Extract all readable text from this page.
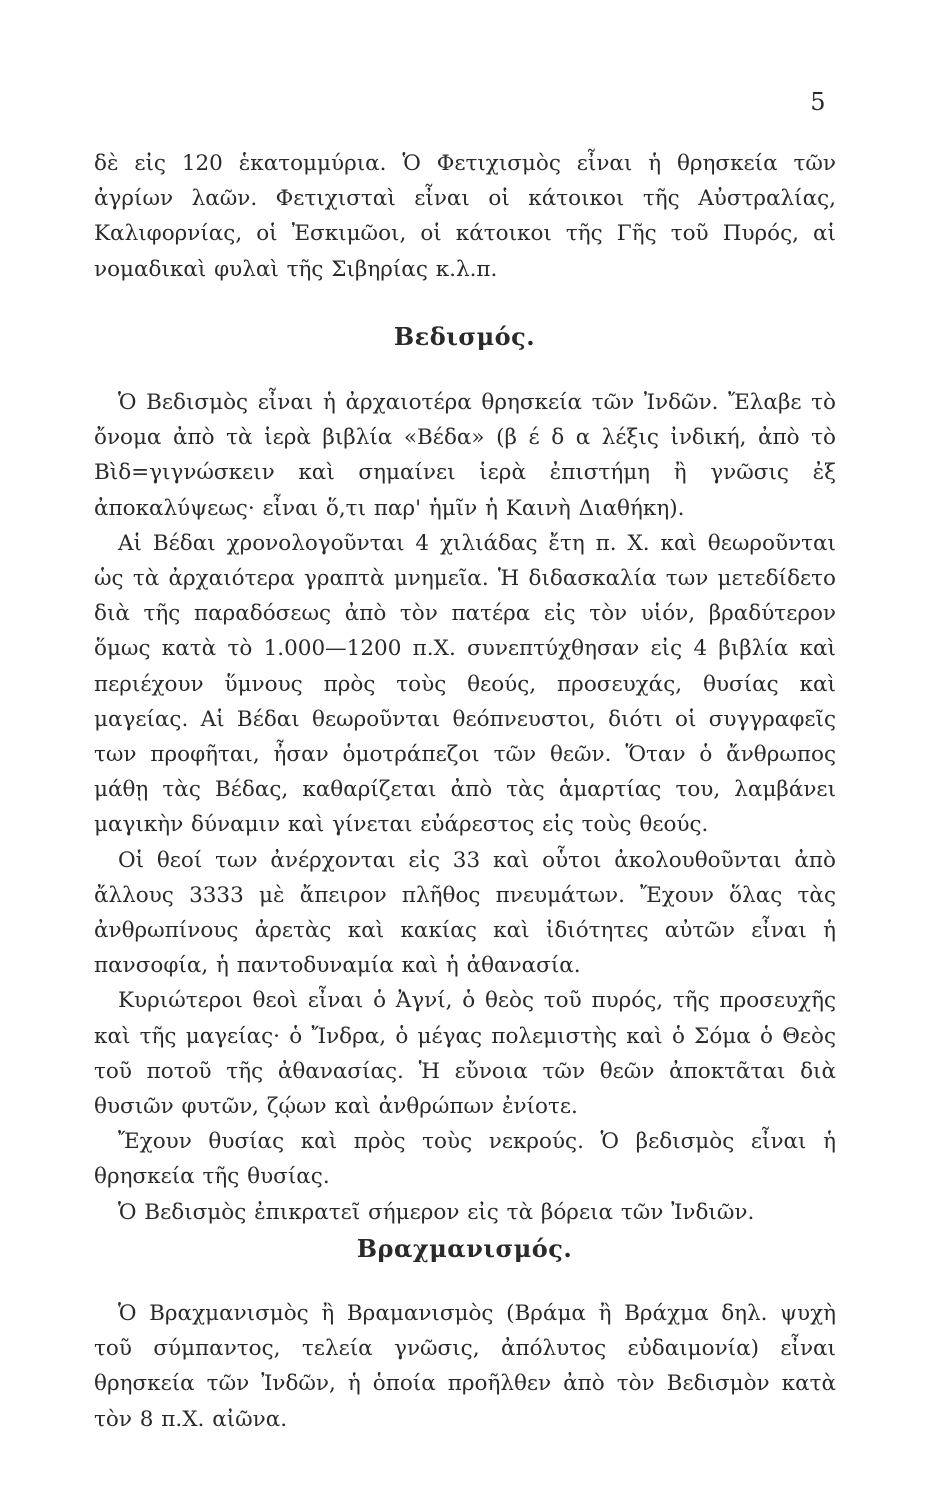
5

δὲ εἰς 120 ἑκατομμύρια. Ὁ Φετιχισμὸς εἶναι ἡ θρησκεία τῶν ἀγρίων λαῶν. Φετιχισταὶ εἶναι οἱ κάτοικοι τῆς Αὐστραλίας, Καλιφορνίας, οἱ Ἐσκιμῶοι, οἱ κάτοικοι τῆς Γῆς τοῦ Πυρός, αἱ νομαδικαὶ φυλαὶ τῆς Σιβηρίας κ.λ.π.

Βεδισμός.

Ὁ Βεδισμὸς εἶναι ἡ ἀρχαιοτέρα θρησκεία τῶν Ἰνδῶν. Ἔλαβε τὸ ὄνομα ἀπὸ τὰ ἱερὰ βιβλία «Βέδα» (β έ δ α λέξις ἰνδική, ἀπὸ τὸ Βὶδ=γιγνώσκειν καὶ σημαίνει ἱερὰ ἐπιστήμη ἢ γνῶσις ἐξ ἀποκαλύψεως· εἶναι ὅ,τι παρ' ἡμῖν ἡ Καινὴ Διαθήκη).

Αἱ Βέδαι χρονολογοῦνται 4 χιλιάδας ἔτη π. Χ. καὶ θεωροῦνται ὡς τὰ ἀρχαιότερα γραπτὰ μνημεῖα. Ἡ διδασκαλία των μετεδίδετο διὰ τῆς παραδόσεως ἀπὸ τὸν πατέρα εἰς τὸν υἱόν, βραδύτερον ὅμως κατὰ τὸ 1.000—1200 π.Χ. συνεπτύχθησαν εἰς 4 βιβλία καὶ περιέχουν ὕμνους πρὸς τοὺς θεούς, προσευχάς, θυσίας καὶ μαγείας. Αἱ Βέδαι θεωροῦνται θεόπνευστοι, διότι οἱ συγγραφεῖς των προφῆται, ἦσαν ὁμοτράπεζοι τῶν θεῶν. Ὅταν ὁ ἄνθρωπος μάθῃ τὰς Βέδας, καθαρίζεται ἀπὸ τὰς ἁμαρτίας του, λαμβάνει μαγικὴν δύναμιν καὶ γίνεται εὐάρεστος εἰς τοὺς θεούς.

Οἱ θεοί των ἀνέρχονται εἰς 33 καὶ οὗτοι ἀκολουθοῦνται ἀπὸ ἄλλους 3333 μὲ ἄπειρον πλῆθος πνευμάτων. Ἔχουν ὅλας τὰς ἀνθρωπίνους ἀρετὰς καὶ κακίας καὶ ἰδιότητες αὐτῶν εἶναι ἡ πανσοφία, ἡ παντοδυναμία καὶ ἡ ἀθανασία.

Κυριώτεροι θεοὶ εἶναι ὁ Ἀγνί, ὁ θεὸς τοῦ πυρός, τῆς προσευχῆς καὶ τῆς μαγείας· ὁ Ἴνδρα, ὁ μέγας πολεμιστὴς καὶ ὁ Σόμα ὁ Θεὸς τοῦ ποτοῦ τῆς ἀθανασίας. Ἡ εὔνοια τῶν θεῶν ἀποκτᾶται διὰ θυσιῶν φυτῶν, ζῴων καὶ ἀνθρώπων ἐνίοτε.

Ἔχουν θυσίας καὶ πρὸς τοὺς νεκρούς. Ὁ βεδισμὸς εἶναι ἡ θρησκεία τῆς θυσίας.

Ὁ Βεδισμὸς ἐπικρατεῖ σήμερον εἰς τὰ βόρεια τῶν Ἰνδιῶν.

Βραχμανισμός.

Ὁ Βραχμανισμὸς ἢ Βραμανισμὸς (Βράμα ἢ Βράχμα δηλ. ψυχὴ τοῦ σύμπαντος, τελεία γνῶσις, ἀπόλυτος εὐδαιμονία) εἶναι θρησκεία τῶν Ἰνδῶν, ἡ ὁποία προῆλθεν ἀπὸ τὸν Βεδισμὸν κατὰ τὸν 8 π.Χ. αἰῶνα.
